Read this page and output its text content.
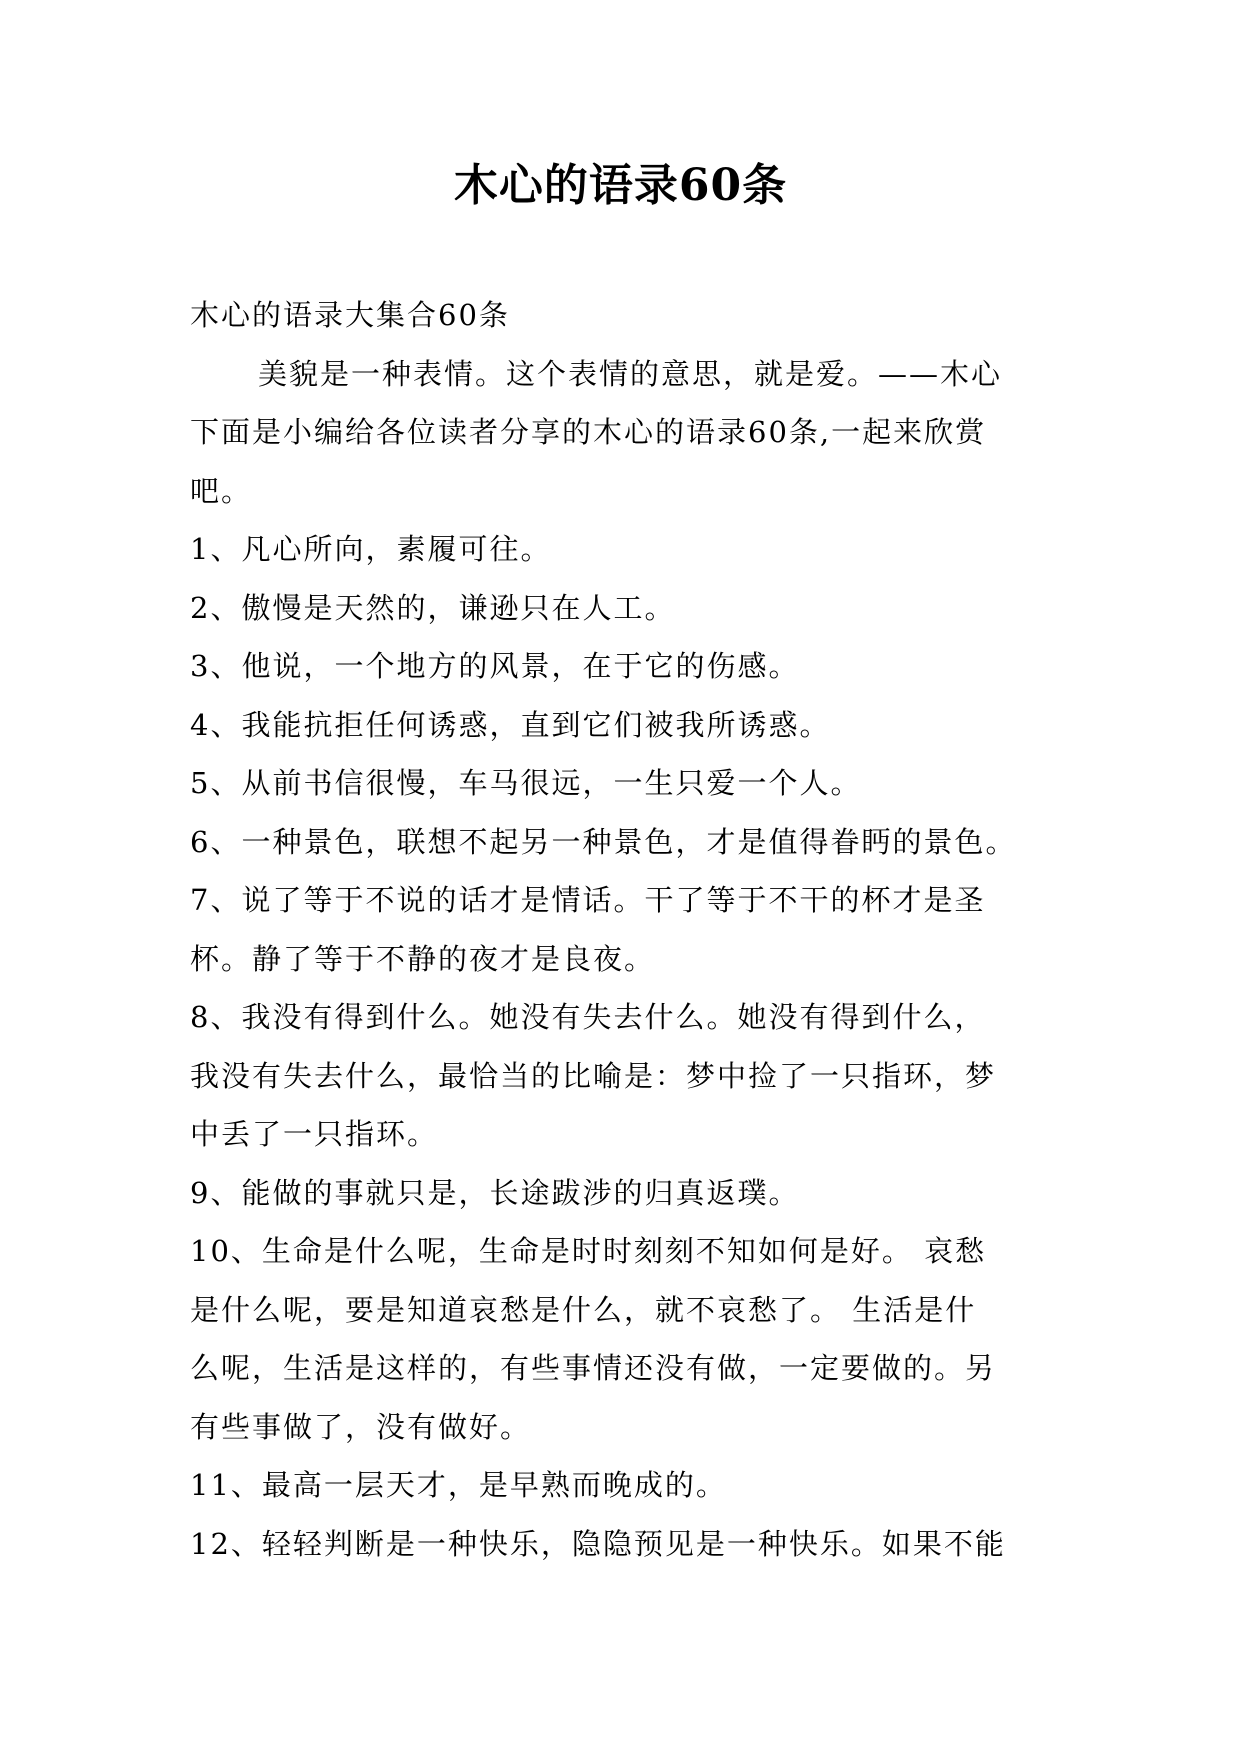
木心的语录60条
木心的语录大集合60条
美貌是一种表情。这个表情的意思，就是爱。——木心
下面是小编给各位读者分享的木心的语录60条,一起来欣赏
吧。
1、凡心所向，素履可往。
2、傲慢是天然的，谦逊只在人工。
3、他说，一个地方的风景，在于它的伤感。
4、我能抗拒任何诱惑，直到它们被我所诱惑。
5、从前书信很慢，车马很远，一生只爱一个人。
6、一种景色，联想不起另一种景色，才是值得眷眄的景色。
7、说了等于不说的话才是情话。干了等于不干的杯才是圣
杯。静了等于不静的夜才是良夜。
8、我没有得到什么。她没有失去什么。她没有得到什么，
我没有失去什么，最恰当的比喻是：梦中捡了一只指环，梦
中丢了一只指环。
9、能做的事就只是，长途跋涉的归真返璞。
10、生命是什么呢，生命是时时刻刻不知如何是好。 哀愁
是什么呢，要是知道哀愁是什么，就不哀愁了。 生活是什
么呢，生活是这样的，有些事情还没有做，一定要做的。另
有些事做了，没有做好。
11、最高一层天才，是早熟而晚成的。
12、轻轻判断是一种快乐，隐隐预见是一种快乐。如果不能
